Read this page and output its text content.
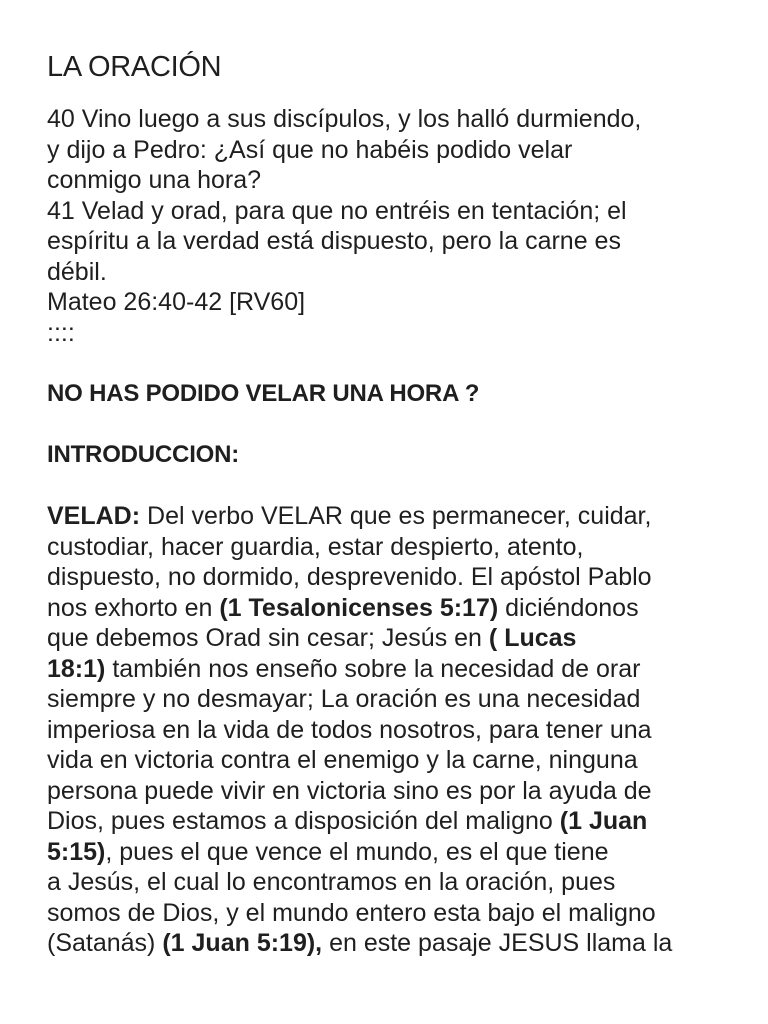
LA ORACIÓN
40 Vino luego a sus discípulos, y los halló durmiendo,
y dijo a Pedro: ¿Así que no habéis podido velar
conmigo una hora?
41 Velad y orad, para que no entréis en tentación; el
espíritu a la verdad está dispuesto, pero la carne es
débil.
Mateo 26:40-42 [RV60]
::::
NO HAS PODIDO VELAR UNA HORA ?
INTRODUCCION:
VELAD: Del verbo VELAR que es permanecer, cuidar,
custodiar, hacer guardia, estar despierto, atento,
dispuesto, no dormido, desprevenido. El apóstol Pablo
nos exhorto en (1 Tesalonicenses 5:17) diciéndonos
que debemos Orad sin cesar; Jesús en ( Lucas
18:1) también nos enseño sobre la necesidad de orar
siempre y no desmayar; La oración es una necesidad
imperiosa en la vida de todos nosotros, para tener una
vida en victoria contra el enemigo y la carne, ninguna
persona puede vivir en victoria sino es por la ayuda de
Dios, pues estamos a disposición del maligno (1 Juan
5:15), pues el que vence el mundo, es el que tiene
a Jesús, el cual lo encontramos en la oración, pues
somos de Dios, y el mundo entero esta bajo el maligno
(Satanás) (1 Juan 5:19), en este pasaje JESUS llama la
